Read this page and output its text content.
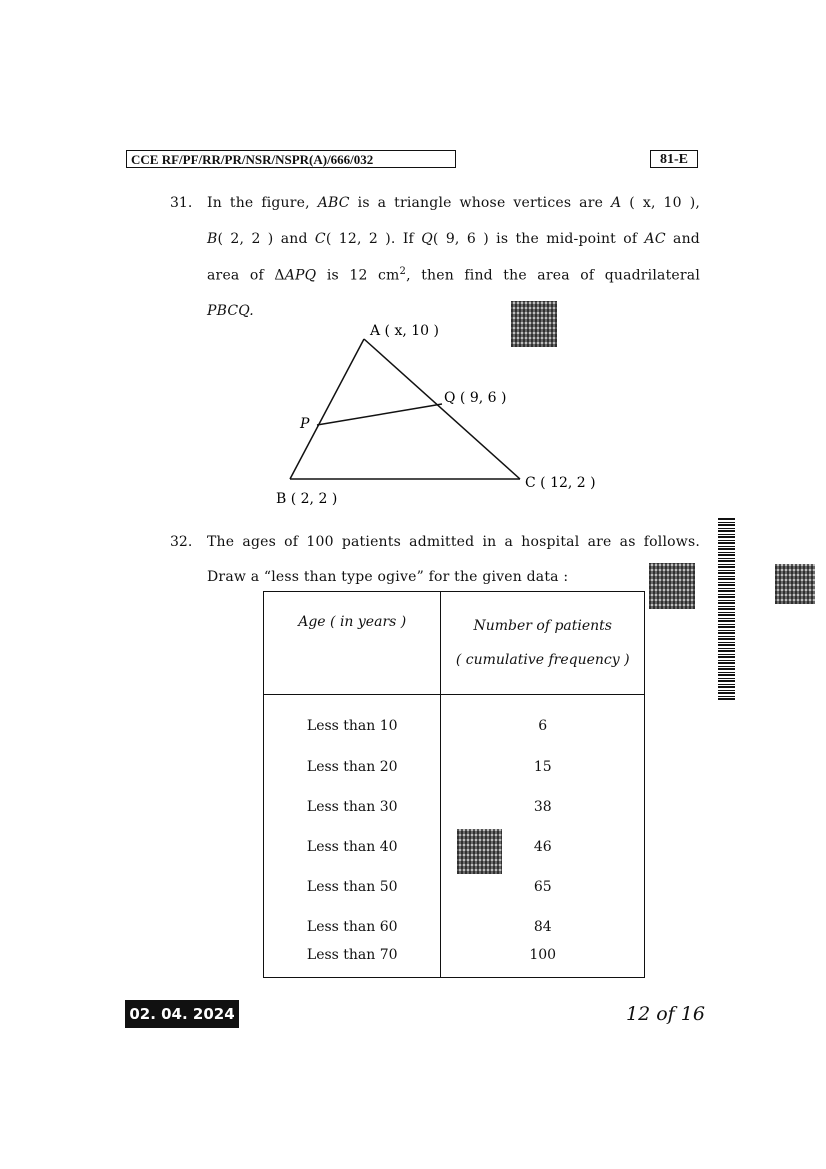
CCE RF/PF/RR/PR/NSR/NSPR(A)/666/032	81-E
31. In the figure, ABC is a triangle whose vertices are A ( x, 10 ),
B( 2, 2 ) and C( 12, 2 ). If Q( 9, 6 ) is the mid-point of AC and
area of ΔAPQ is 12 $cm^2$, then find the area of quadrilateral
PBCQ.
A ( x, 10 )
Q ( 9, 6 )
P
B ( 2, 2 )
C ( 12, 2 )
32. The ages of 100 patients admitted in a hospital are as follows.
Draw a “less than type ogive” for the given data :
Age ( in years )	Number of patients
( cumulative frequency )

Less than 10	6
Less than 20	15
Less than 30	38
Less than 40	46
Less than 50	65
Less than 60	84
Less than 70	100
02. 04. 2024	12 of 16
